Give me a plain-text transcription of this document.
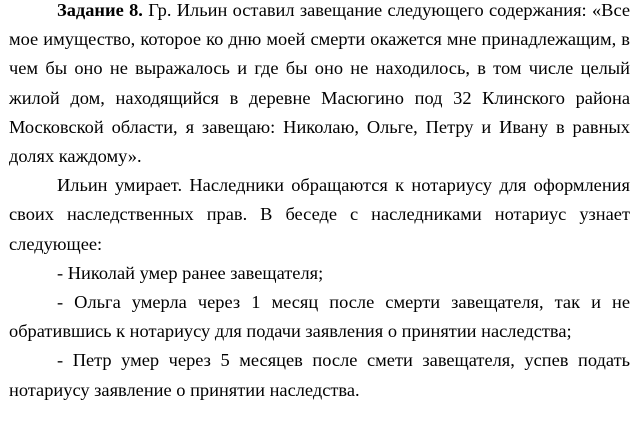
Задание 8. Гр. Ильин оставил завещание следующего содержания: «Все мое имущество, которое ко дню моей смерти окажется мне принадлежащим, в чем бы оно не выражалось и где бы оно не находилось, в том числе целый жилой дом, находящийся в деревне Масюгино под 32 Клинского района Московской области, я завещаю: Николаю, Ольге, Петру и Ивану в равных долях каждому».

Ильин умирает. Наследники обращаются к нотариусу для оформления своих наследственных прав. В беседе с наследниками нотариус узнает следующее:

- Николай умер ранее завещателя;

- Ольга умерла через 1 месяц после смерти завещателя, так и не обратившись к нотариусу для подачи заявления о принятии наследства;

- Петр умер через 5 месяцев после смети завещателя, успев подать нотариусу заявление о принятии наследства.
